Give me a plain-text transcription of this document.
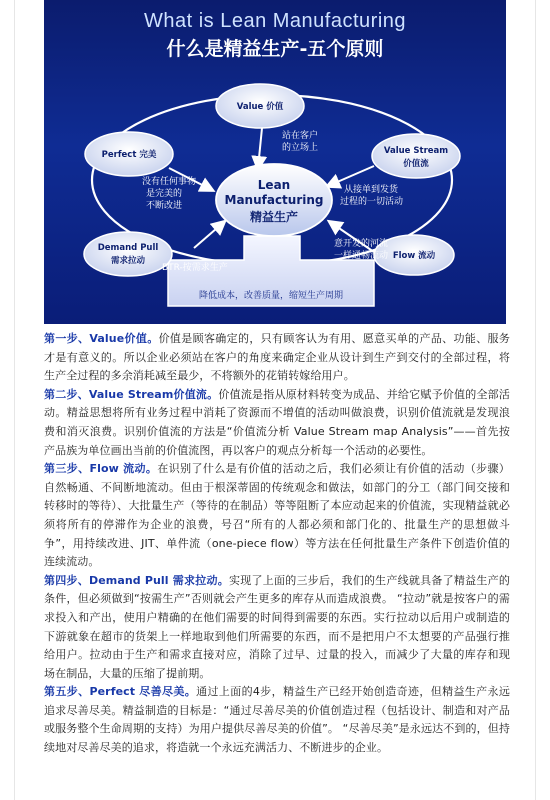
What is Lean Manufacturing
什么是精益生产-五个原则
Value 价值
Value Stream
价值流
Flow 流动
Demand Pull
需求拉动
Perfect 完美
Lean
Manufacturing
精益生产
站在客户
的立场上
从接单到发货
过程的一切活动
意开发的河流
一样通畅流动
没有任何事物
是完美的
不断改进
BTR-按需求生产
降低成本，改善质量，缩短生产周期

第一步、Value价值。价值是顾客确定的，只有顾客认为有用、愿意买单的产品、功能、服务才是有意义的。所以企业必须站在客户的角度来确定企业从设计到生产到交付的全部过程，将生产全过程的多余消耗减至最少，不将额外的花销转嫁给用户。

第二步、Value Stream价值流。价值流是指从原材料转变为成品、并给它赋予价值的全部活动。精益思想将所有业务过程中消耗了资源而不增值的活动叫做浪费，识别价值流就是发现浪费和消灭浪费。识别价值流的方法是“价值流分析 Value Stream map Analysis”——首先按产品族为单位画出当前的价值流图，再以客户的观点分析每一个活动的必要性。

第三步、Flow 流动。在识别了什么是有价值的活动之后，我们必须让有价值的活动（步骤）自然畅通、不间断地流动。但由于根深蒂固的传统观念和做法，如部门的分工（部门间交接和转移时的等待）、大批量生产（等待的在制品）等等阻断了本应动起来的价值流，实现精益就必须将所有的停滞作为企业的浪费，号召“所有的人都必须和部门化的、批量生产的思想做斗争”，用持续改进、JIT、单件流（one-piece flow）等方法在任何批量生产条件下创造价值的连续流动。

第四步、Demand Pull 需求拉动。实现了上面的三步后，我们的生产线就具备了精益生产的条件，但必须做到“按需生产”否则就会产生更多的库存从而造成浪费。 “拉动”就是按客户的需求投入和产出，使用户精确的在他们需要的时间得到需要的东西。实行拉动以后用户或制造的下游就象在超市的货架上一样地取到他们所需要的东西，而不是把用户不太想要的产品强行推给用户。拉动由于生产和需求直接对应，消除了过早、过量的投入，而减少了大量的库存和现场在制品，大量的压缩了提前期。

第五步、Perfect 尽善尽美。通过上面的4步，精益生产已经开始创造奇迹，但精益生产永远追求尽善尽美。精益制造的目标是：“通过尽善尽美的价值创造过程（包括设计、制造和对产品或服务整个生命周期的支持）为用户提供尽善尽美的价值”。 “尽善尽美”是永远达不到的，但持续地对尽善尽美的追求，将造就一个永远充满活力、不断进步的企业。
